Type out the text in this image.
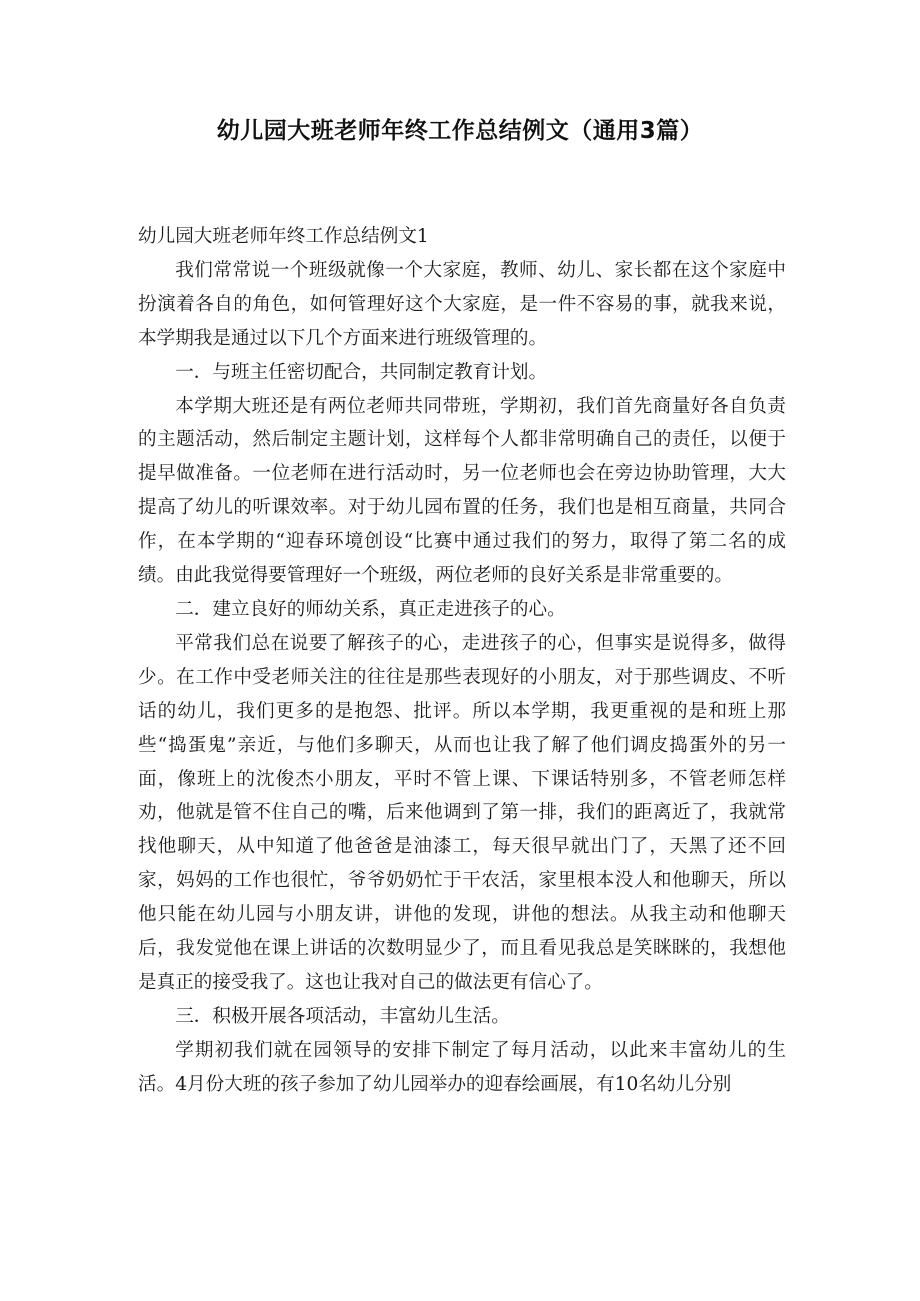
幼儿园大班老师年终工作总结例文（通用3篇）

幼儿园大班老师年终工作总结例文1

我们常常说一个班级就像一个大家庭，教师、幼儿、家长都在这个家庭中扮演着各自的角色，如何管理好这个大家庭，是一件不容易的事，就我来说，本学期我是通过以下几个方面来进行班级管理的。

一．与班主任密切配合，共同制定教育计划。

本学期大班还是有两位老师共同带班，学期初，我们首先商量好各自负责的主题活动，然后制定主题计划，这样每个人都非常明确自己的责任，以便于提早做准备。一位老师在进行活动时，另一位老师也会在旁边协助管理，大大提高了幼儿的听课效率。对于幼儿园布置的任务，我们也是相互商量，共同合作，在本学期的“迎春环境创设“比赛中通过我们的努力，取得了第二名的成绩。由此我觉得要管理好一个班级，两位老师的良好关系是非常重要的。

二．建立良好的师幼关系，真正走进孩子的心。

平常我们总在说要了解孩子的心，走进孩子的心，但事实是说得多，做得少。在工作中受老师关注的往往是那些表现好的小朋友，对于那些调皮、不听话的幼儿，我们更多的是抱怨、批评。所以本学期，我更重视的是和班上那些“捣蛋鬼”亲近，与他们多聊天，从而也让我了解了他们调皮捣蛋外的另一面，像班上的沈俊杰小朋友，平时不管上课、下课话特别多，不管老师怎样劝，他就是管不住自己的嘴，后来他调到了第一排，我们的距离近了，我就常找他聊天，从中知道了他爸爸是油漆工，每天很早就出门了，天黑了还不回家，妈妈的工作也很忙，爷爷奶奶忙于干农活，家里根本没人和他聊天，所以他只能在幼儿园与小朋友讲，讲他的发现，讲他的想法。从我主动和他聊天后，我发觉他在课上讲话的次数明显少了，而且看见我总是笑眯眯的，我想他是真正的接受我了。这也让我对自己的做法更有信心了。

三．积极开展各项活动，丰富幼儿生活。

学期初我们就在园领导的安排下制定了每月活动，以此来丰富幼儿的生活。4月份大班的孩子参加了幼儿园举办的迎春绘画展，有10名幼儿分别
